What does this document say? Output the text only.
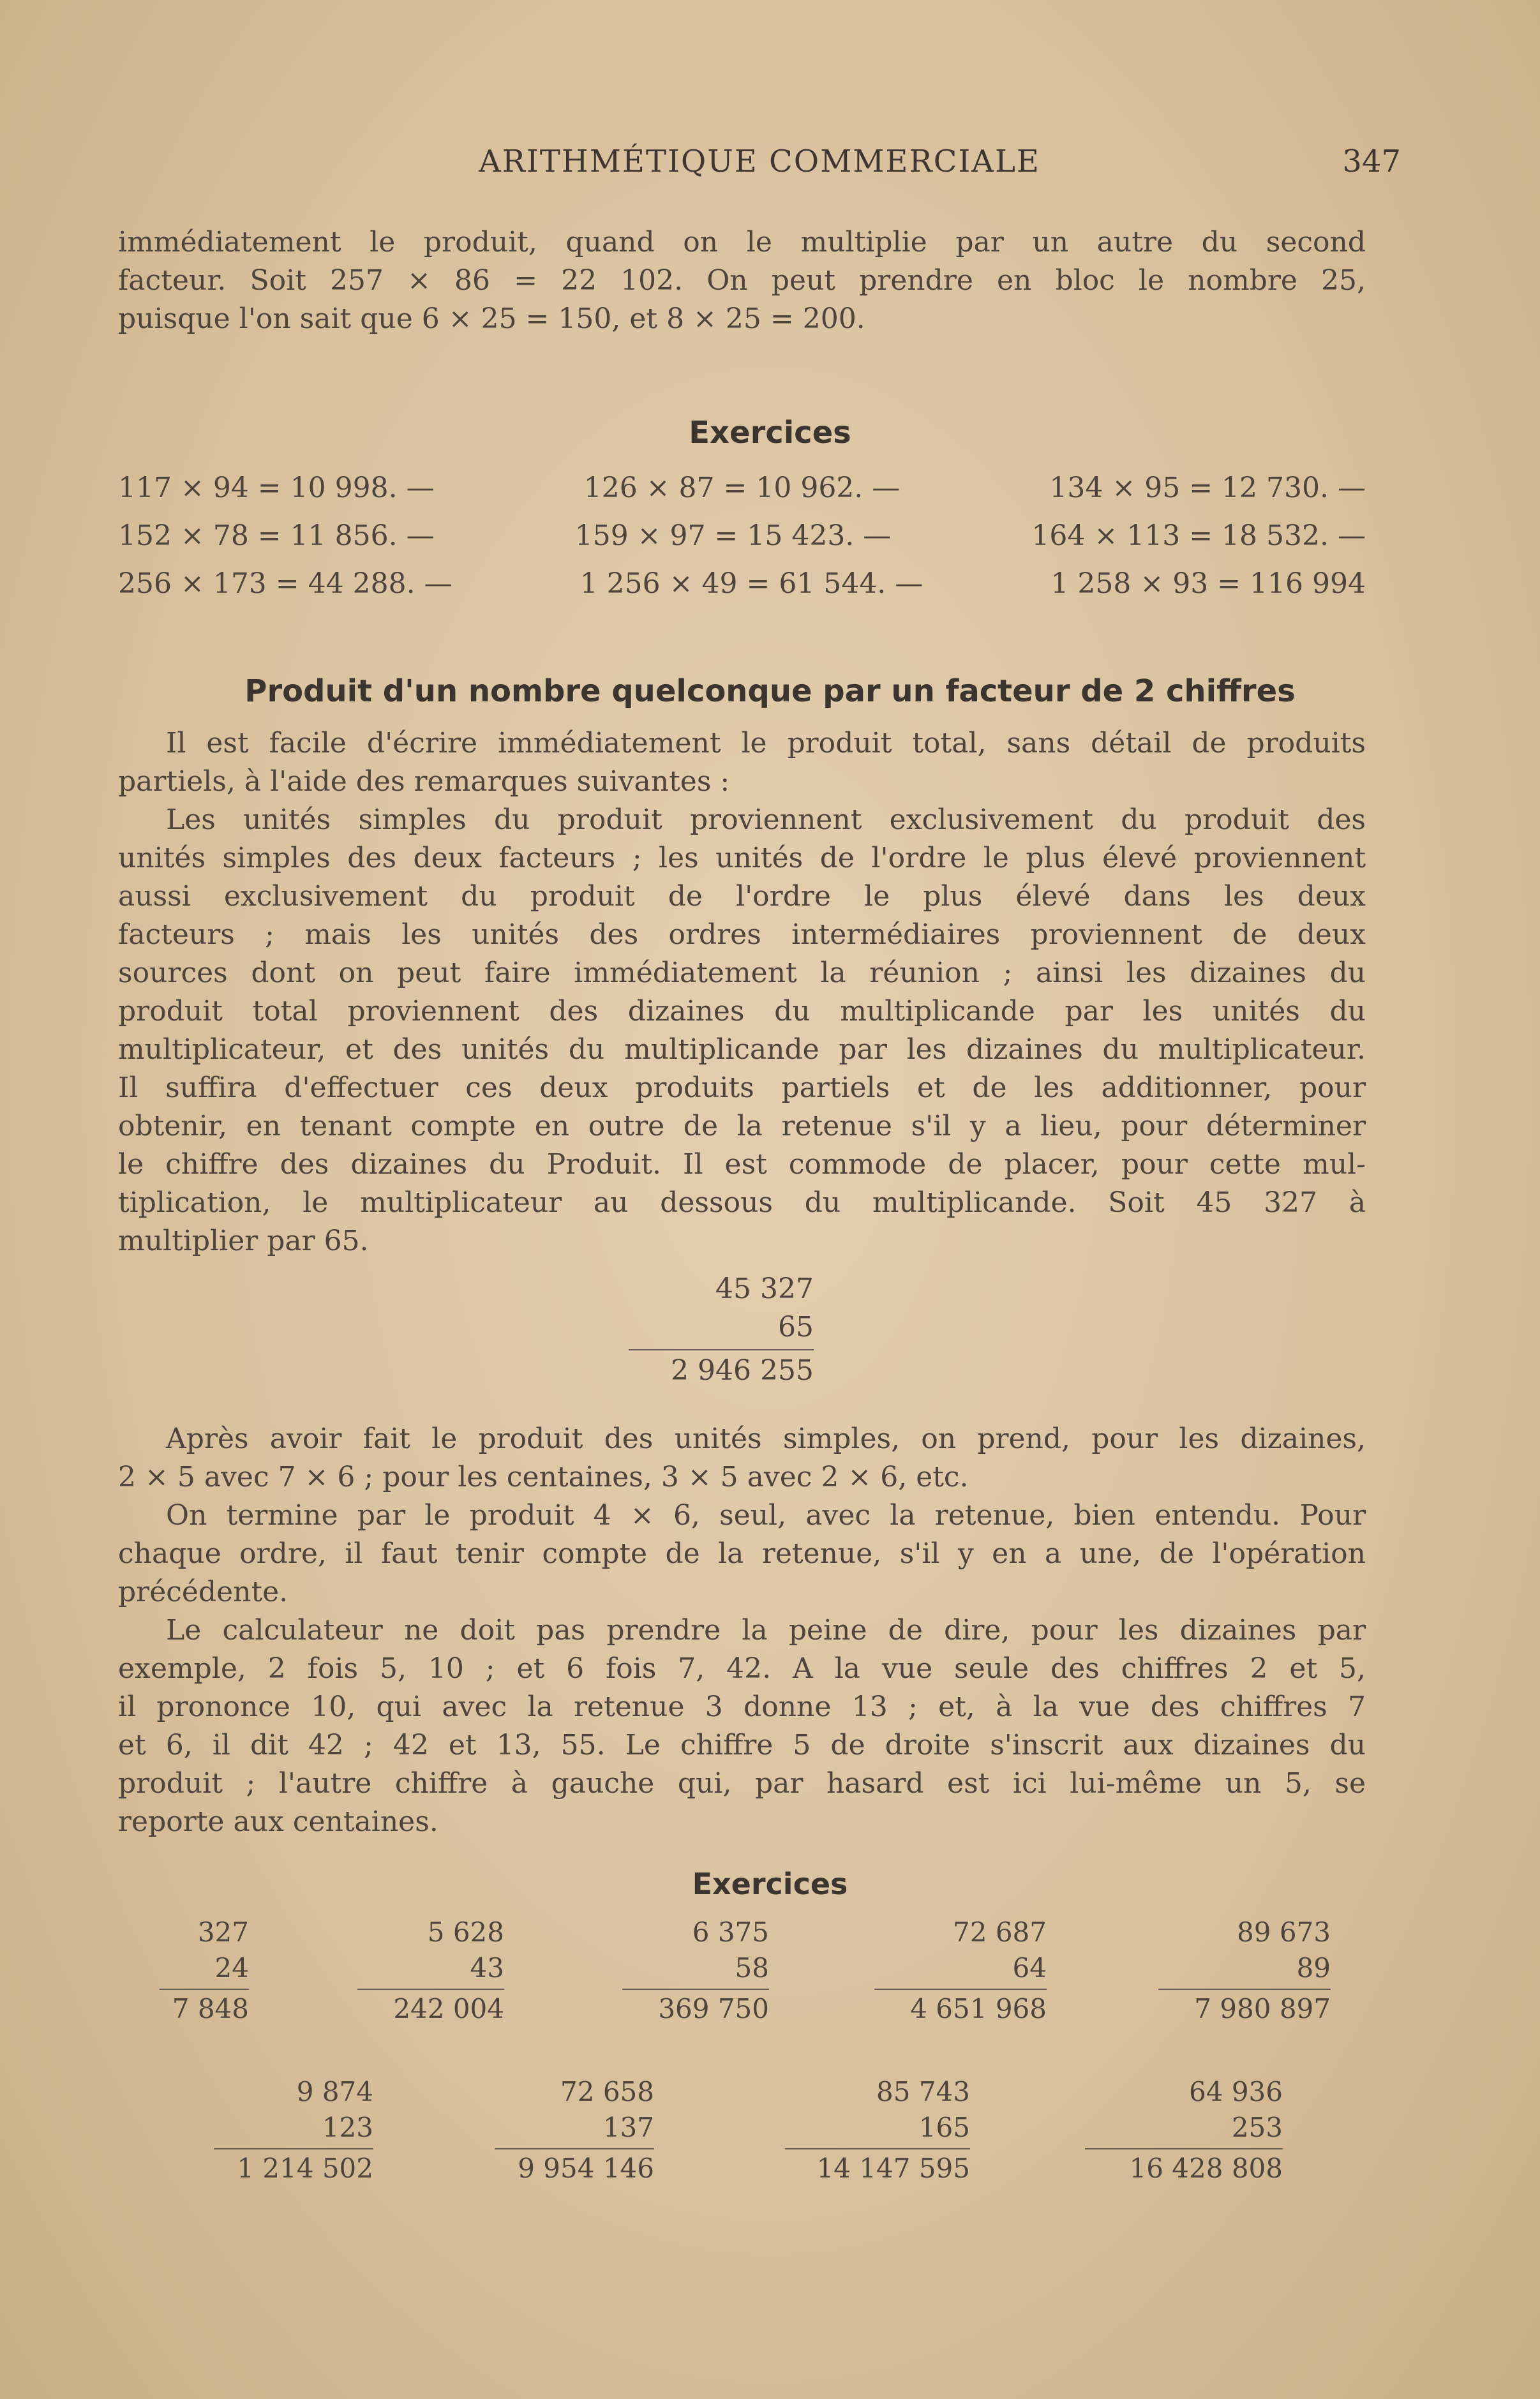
ARITHMÉTIQUE COMMERCIALE	347
immédiatement le produit, quand on le multiplie par un autre du second
facteur. Soit 257 × 86 = 22 102. On peut prendre en bloc le nombre 25,
puisque l'on sait que 6 × 25 = 150, et 8 × 25 = 200.
Exercices
117 × 94 = 10 998. —	126 × 87 = 10 962. —	134 × 95 = 12 730. —
152 × 78 = 11 856. —	159 × 97 = 15 423. —	164 × 113 = 18 532. —
256 × 173 = 44 288. —	1 256 × 49 = 61 544. —	1 258 × 93 = 116 994
Produit d'un nombre quelconque par un facteur de 2 chiffres
Il est facile d'écrire immédiatement le produit total, sans détail de produits
partiels, à l'aide des remarques suivantes :
Les unités simples du produit proviennent exclusivement du produit des
unités simples des deux facteurs ; les unités de l'ordre le plus élevé proviennent
aussi exclusivement du produit de l'ordre le plus élevé dans les deux
facteurs ; mais les unités des ordres intermédiaires proviennent de deux
sources dont on peut faire immédiatement la réunion ; ainsi les dizaines du
produit total proviennent des dizaines du multiplicande par les unités du
multiplicateur, et des unités du multiplicande par les dizaines du multiplicateur.
Il suffira d'effectuer ces deux produits partiels et de les additionner, pour
obtenir, en tenant compte en outre de la retenue s'il y a lieu, pour déterminer
le chiffre des dizaines du Produit. Il est commode de placer, pour cette mul-
tiplication, le multiplicateur au dessous du multiplicande. Soit 45 327 à
multiplier par 65.
45 327
65
2 946 255
Après avoir fait le produit des unités simples, on prend, pour les dizaines,
2 × 5 avec 7 × 6 ; pour les centaines, 3 × 5 avec 2 × 6, etc.
On termine par le produit 4 × 6, seul, avec la retenue, bien entendu. Pour
chaque ordre, il faut tenir compte de la retenue, s'il y en a une, de l'opération
précédente.
Le calculateur ne doit pas prendre la peine de dire, pour les dizaines par
exemple, 2 fois 5, 10 ; et 6 fois 7, 42. A la vue seule des chiffres 2 et 5,
il prononce 10, qui avec la retenue 3 donne 13 ; et, à la vue des chiffres 7
et 6, il dit 42 ; 42 et 13, 55. Le chiffre 5 de droite s'inscrit aux dizaines du
produit ; l'autre chiffre à gauche qui, par hasard est ici lui-même un 5, se
reporte aux centaines.
Exercices
327
24
7 848
5 628
43
242 004
6 375
58
369 750
72 687
64
4 651 968
89 673
89
7 980 897
9 874
123
1 214 502
72 658
137
9 954 146
85 743
165
14 147 595
64 936
253
16 428 808
